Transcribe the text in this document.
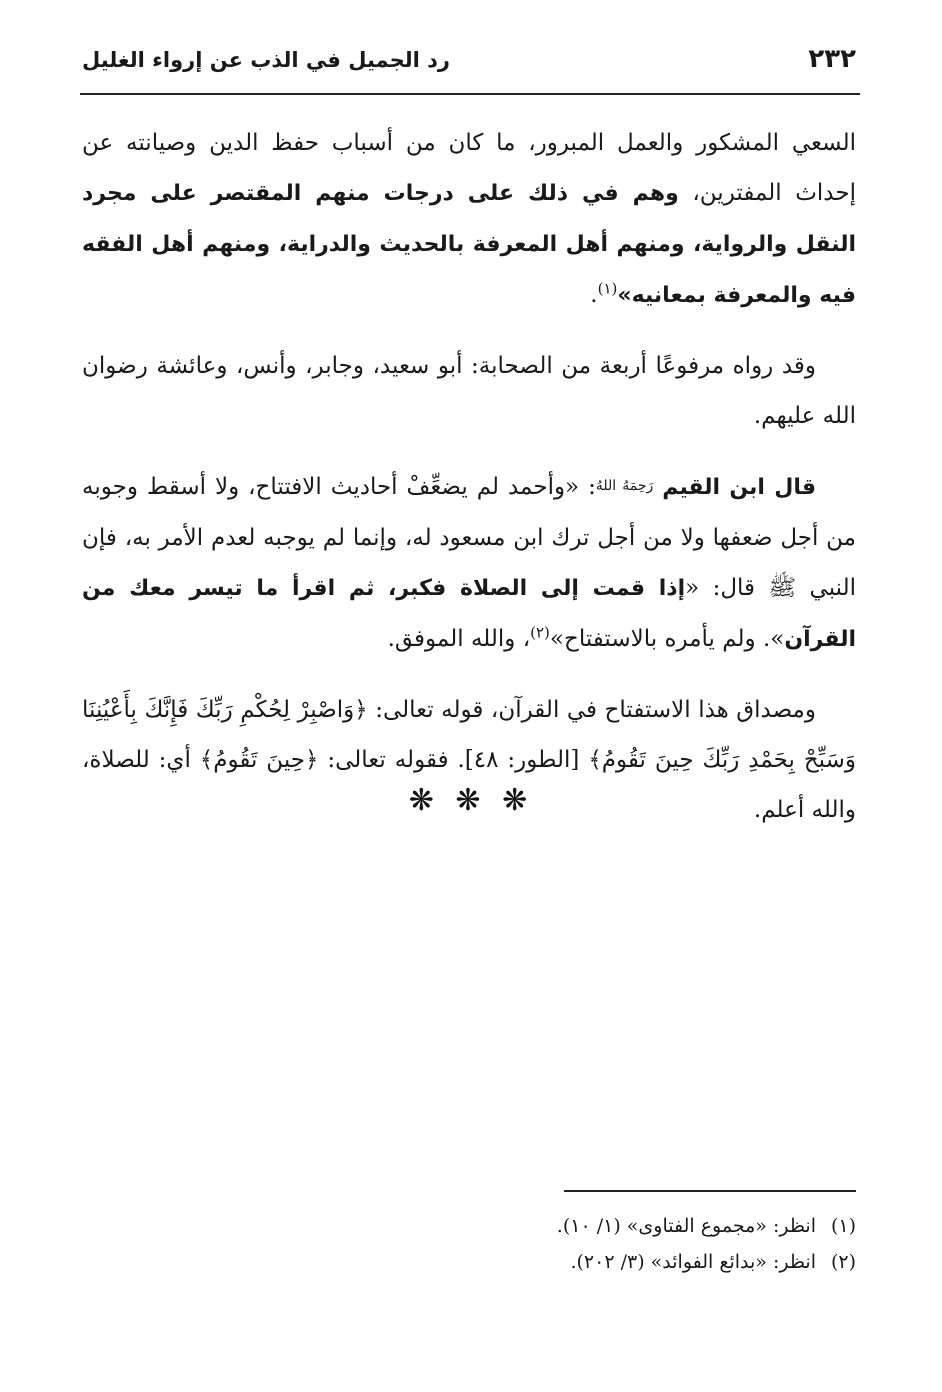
٢٣٢
رد الجميل في الذب عن إرواء الغليل

السعي المشكور والعمل المبرور، ما كان من أسباب حفظ الدين وصيانته عن إحداث المفترين، وهم في ذلك على درجات منهم المقتصر على مجرد النقل والرواية، ومنهم أهل المعرفة بالحديث والدراية، ومنهم أهل الفقه فيه والمعرفة بمعانيه»$^{(١)}$.

وقد رواه مرفوعًا أربعة من الصحابة: أبو سعيد، وجابر، وأنس، وعائشة رضوان الله عليهم.

قال ابن القيم رَحِمَهُ اللهُ: «وأحمد لم يضعِّفْ أحاديث الافتتاح، ولا أسقط وجوبه من أجل ضعفها ولا من أجل ترك ابن مسعود له، وإنما لم يوجبه لعدم الأمر به، فإن النبي ﷺ قال: «إذا قمت إلى الصلاة فكبر، ثم اقرأ ما تيسر معك من القرآن». ولم يأمره بالاستفتاح»$^{(٢)}$، والله الموفق.

ومصداق هذا الاستفتاح في القرآن، قوله تعالى: ﴿وَاصْبِرْ لِحُكْمِ رَبِّكَ فَإِنَّكَ بِأَعْيُنِنَا وَسَبِّحْ بِحَمْدِ رَبِّكَ حِينَ تَقُومُ﴾ [الطور: ٤٨]. فقوله تعالى: ﴿حِينَ تَقُومُ﴾ أي: للصلاة، والله أعلم.

❋ ❋ ❋

(١)انظر: «مجموع الفتاوى» (١/ ١٠).

(٢)انظر: «بدائع الفوائد» (٣/ ٢٠٢).
